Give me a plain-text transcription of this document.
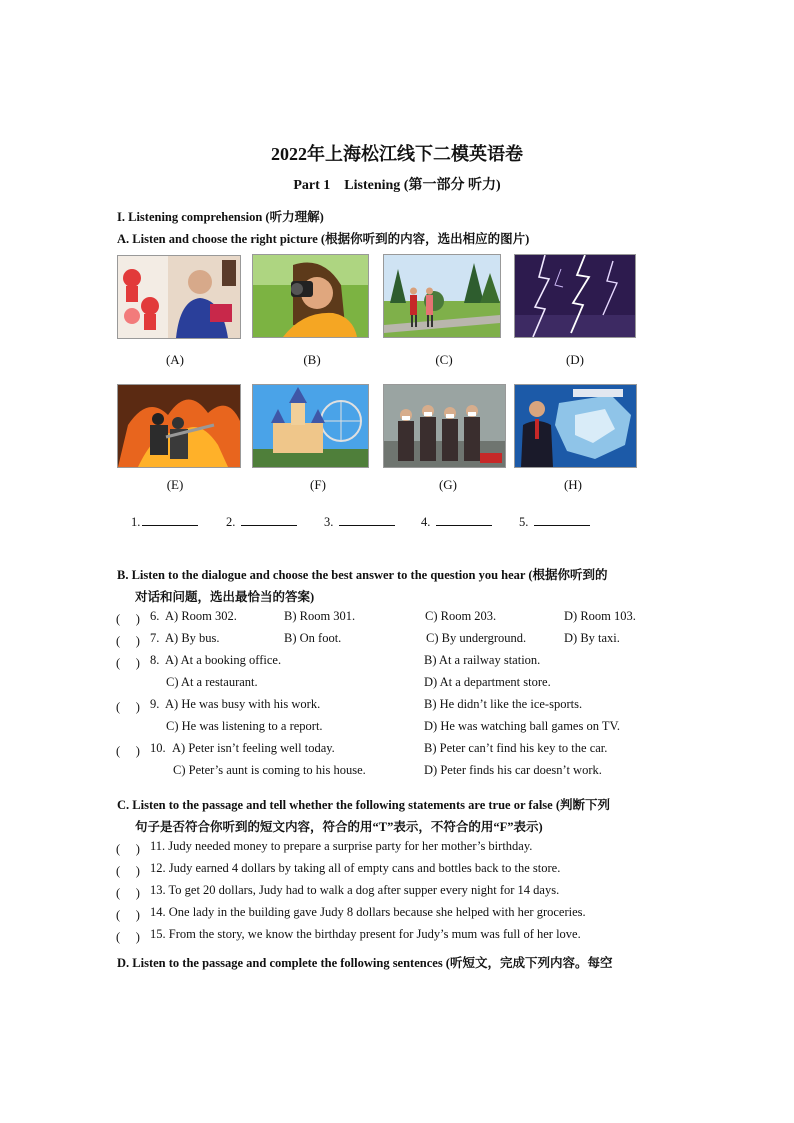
2022年上海松江线下二模英语卷
Part 1　Listening (第一部分 听力)
I. Listening comprehension (听力理解)
A. Listen and choose the right picture (根据你听到的内容，选出相应的图片)
(A)	(B)	(C)	(D)
(E)	(F)	(G)	(H)
1.	2.	3.	4.	5.
B. Listen to the dialogue and choose the best answer to the question you hear (根据你听到的
对话和问题，选出最恰当的答案)
(　 ) 6. A) Room 302.	B) Room 301.	C) Room 203.	D) Room 103.
(　 ) 7. A) By bus.	B) On foot.	C) By underground.	D) By taxi.
(　 ) 8. A) At a booking office.	B) At a railway station.
C) At a restaurant.	D) At a department store.
(　 ) 9. A) He was busy with his work.	B) He didn’t like the ice-sports.
C) He was listening to a report.	D) He was watching ball games on TV.
(　 ) 10. A) Peter isn’t feeling well today.	B) Peter can’t find his key to the car.
C) Peter’s aunt is coming to his house.	D) Peter finds his car doesn’t work.
C. Listen to the passage and tell whether the following statements are true or false (判断下列
句子是否符合你听到的短文内容，符合的用“T”表示，不符合的用“F”表示)
(　 ) 11. Judy needed money to prepare a surprise party for her mother’s birthday.
(　 ) 12. Judy earned 4 dollars by taking all of empty cans and bottles back to the store.
(　 ) 13. To get 20 dollars, Judy had to walk a dog after supper every night for 14 days.
(　 ) 14. One lady in the building gave Judy 8 dollars because she helped with her groceries.
(　 ) 15. From the story, we know the birthday present for Judy’s mum was full of her love.
D. Listen to the passage and complete the following sentences (听短文，完成下列内容。每空
